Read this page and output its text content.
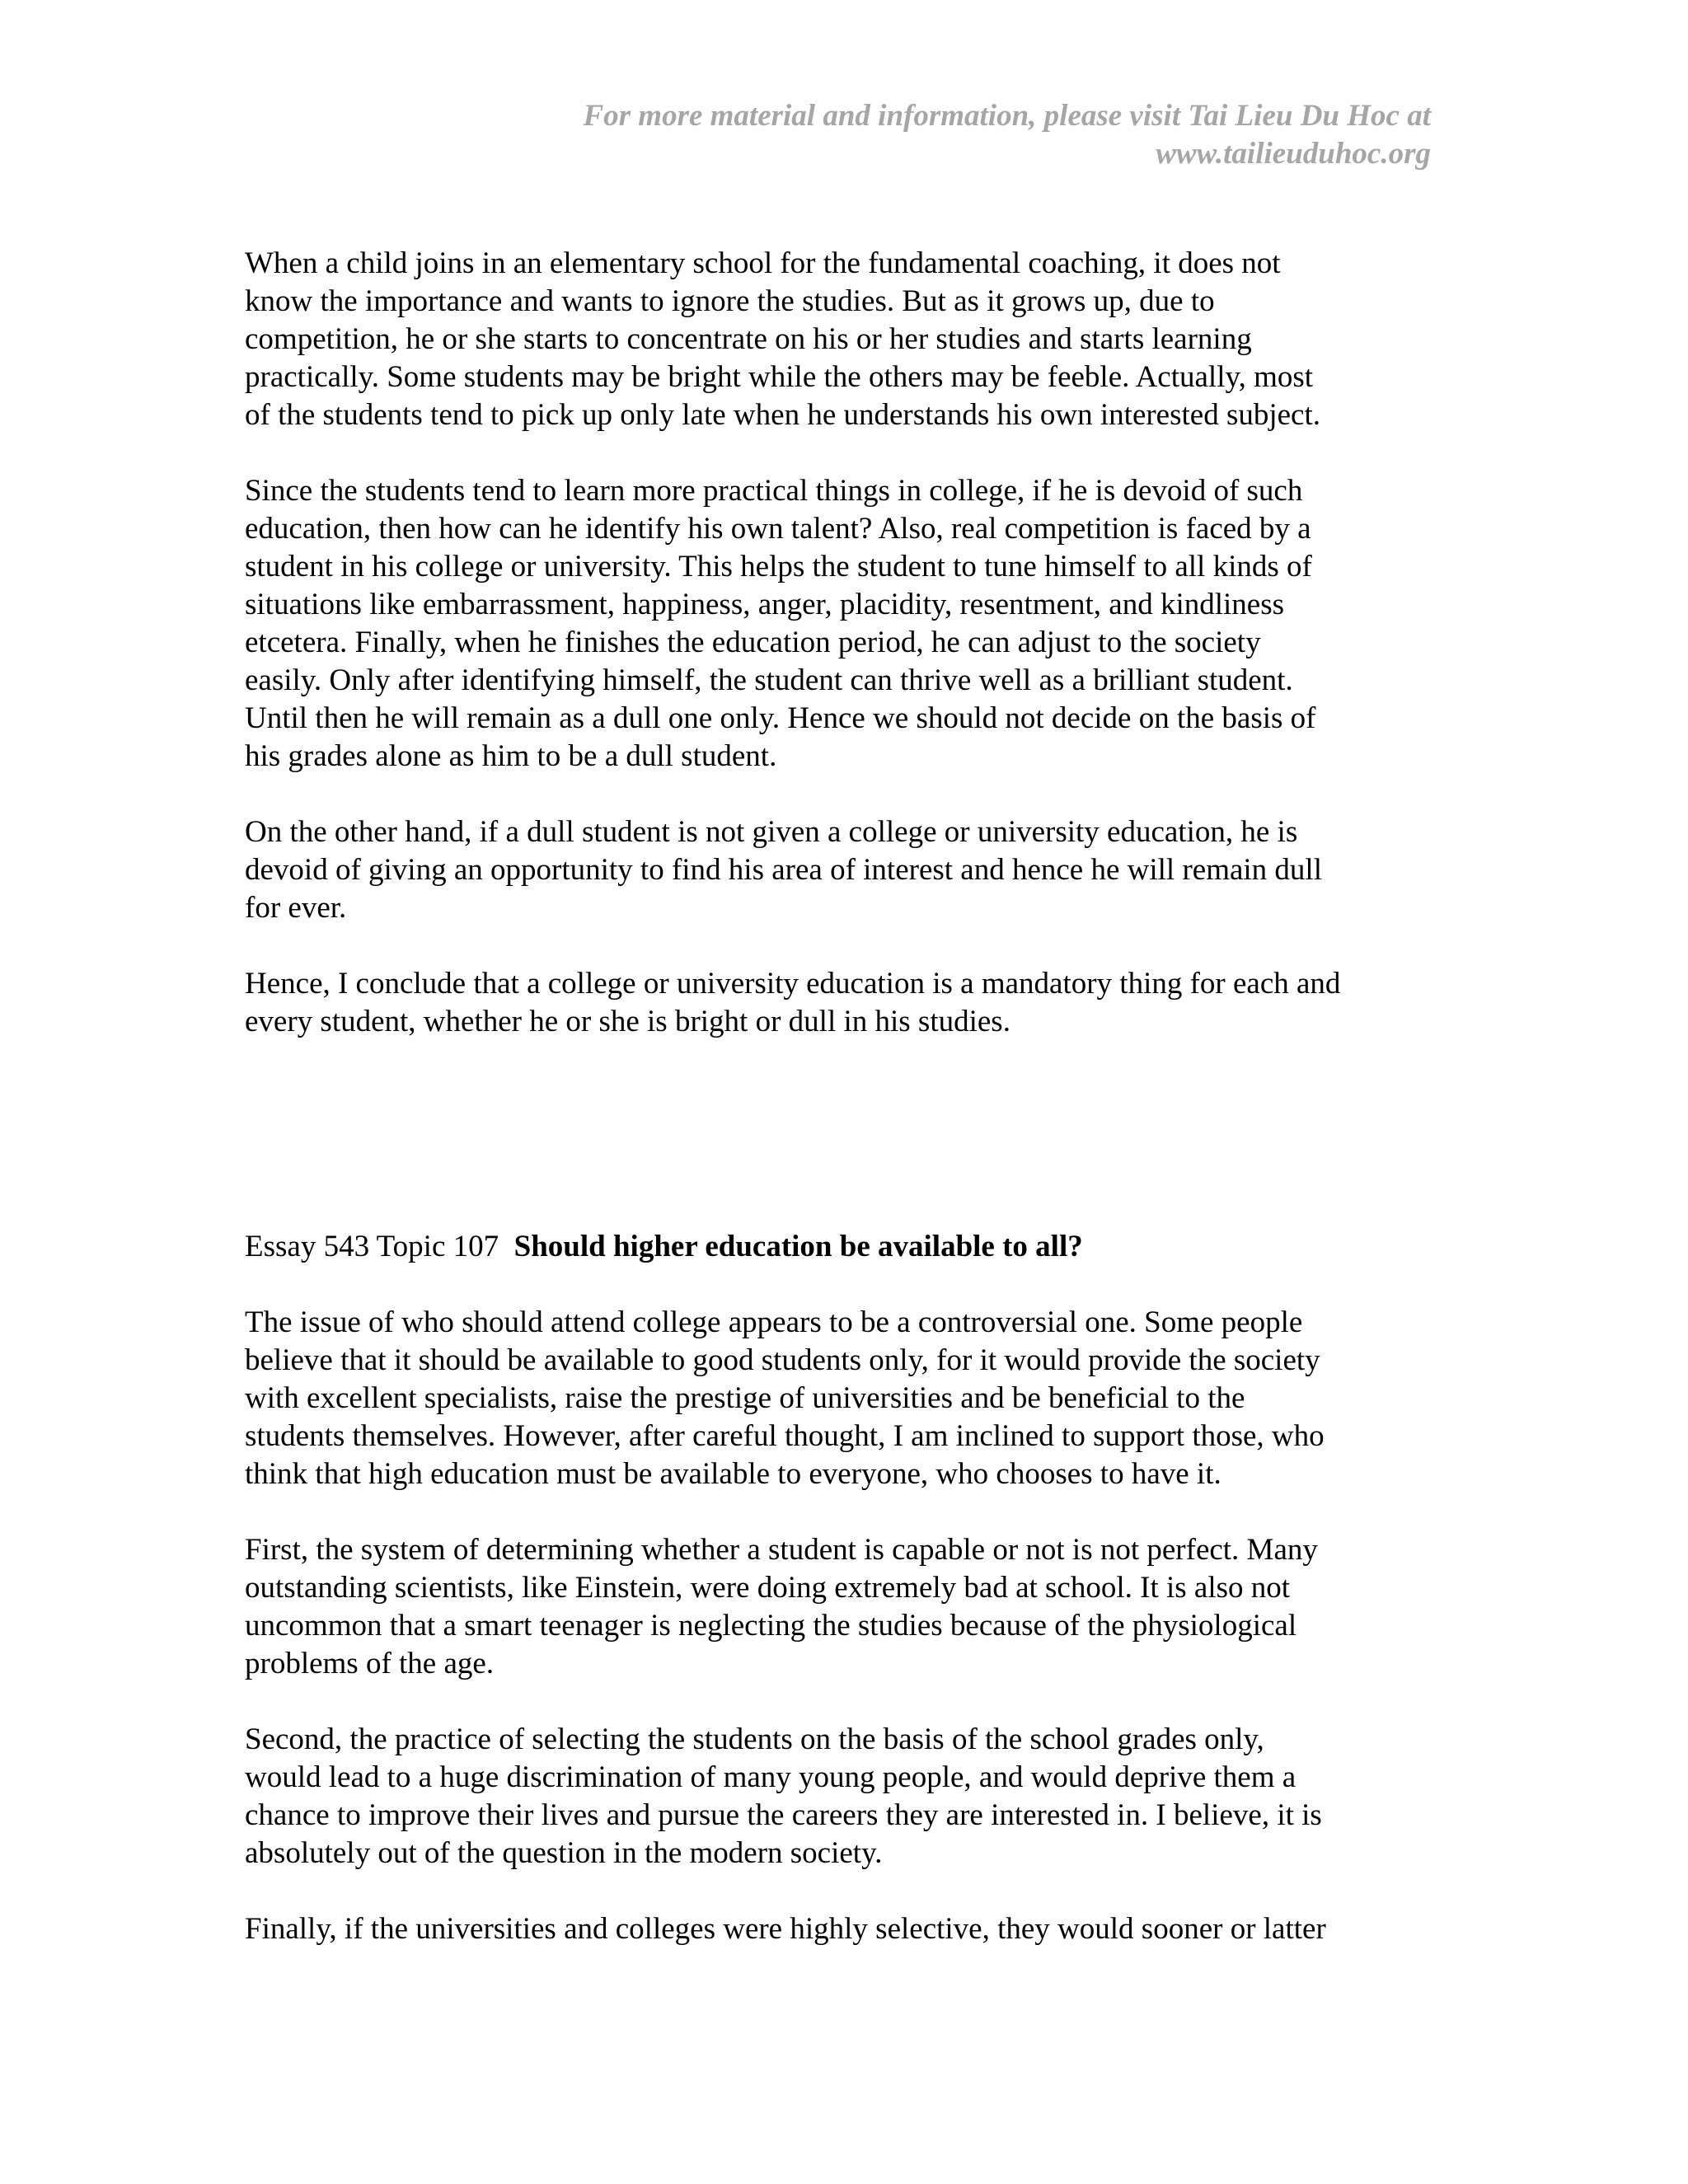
For more material and information, please visit Tai Lieu Du Hoc at
www.tailieuduhoc.org

When a child joins in an elementary school for the fundamental coaching, it does not
know the importance and wants to ignore the studies. But as it grows up, due to
competition, he or she starts to concentrate on his or her studies and starts learning
practically. Some students may be bright while the others may be feeble. Actually, most
of the students tend to pick up only late when he understands his own interested subject.

Since the students tend to learn more practical things in college, if he is devoid of such
education, then how can he identify his own talent? Also, real competition is faced by a
student in his college or university. This helps the student to tune himself to all kinds of
situations like embarrassment, happiness, anger, placidity, resentment, and kindliness
etcetera. Finally, when he finishes the education period, he can adjust to the society
easily. Only after identifying himself, the student can thrive well as a brilliant student.
Until then he will remain as a dull one only. Hence we should not decide on the basis of
his grades alone as him to be a dull student.

On the other hand, if a dull student is not given a college or university education, he is
devoid of giving an opportunity to find his area of interest and hence he will remain dull
for ever.

Hence, I conclude that a college or university education is a mandatory thing for each and
every student, whether he or she is bright or dull in his studies.

Essay 543 Topic 107 Should higher education be available to all?

The issue of who should attend college appears to be a controversial one. Some people
believe that it should be available to good students only, for it would provide the society
with excellent specialists, raise the prestige of universities and be beneficial to the
students themselves. However, after careful thought, I am inclined to support those, who
think that high education must be available to everyone, who chooses to have it.

First, the system of determining whether a student is capable or not is not perfect. Many
outstanding scientists, like Einstein, were doing extremely bad at school. It is also not
uncommon that a smart teenager is neglecting the studies because of the physiological
problems of the age.

Second, the practice of selecting the students on the basis of the school grades only,
would lead to a huge discrimination of many young people, and would deprive them a
chance to improve their lives and pursue the careers they are interested in. I believe, it is
absolutely out of the question in the modern society.

Finally, if the universities and colleges were highly selective, they would sooner or latter
